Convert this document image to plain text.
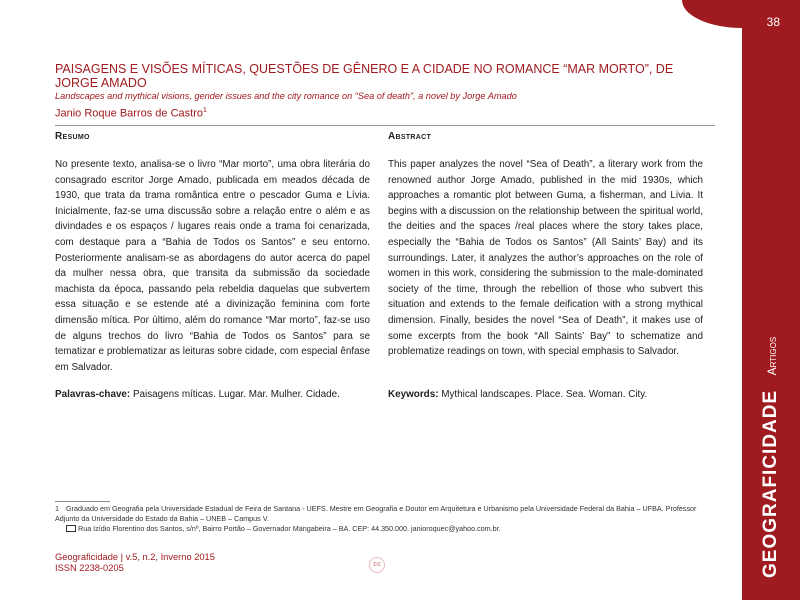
38
GEOGRAFICIDADE Artigos
PAISAGENS E VISÕES MÍTICAS, QUESTÕES DE GÊNERO E A CIDADE NO ROMANCE “MAR MORTO”, DE JORGE AMADO
Landscapes and mythical visions, gender issues and the city romance on “Sea of death”, a novel by Jorge Amado
Janio Roque Barros de Castro$^1$
Resumo

No presente texto, analisa-se o livro “Mar morto”, uma obra literária do consagrado escritor Jorge Amado, publicada em meados década de 1930, que trata da trama romântica entre o pescador Guma e Lívia. Inicialmente, faz-se uma discussão sobre a relação entre o além e as divindades e os espaços / lugares reais onde a trama foi cenarizada, com destaque para a “Bahia de Todos os Santos” e seu entorno. Posteriormente analisam-se as abordagens do autor acerca do papel da mulher nessa obra, que transita da submissão da sociedade machista da época, passando pela rebeldia daquelas que subvertem essa situação e se estende até a divinização feminina com forte dimensão mítica. Por último, além do romance “Mar morto”, faz-se uso de alguns trechos do livro “Bahia de Todos os Santos” para se tematizar e problematizar as leituras sobre cidade, com especial ênfase em Salvador.

Palavras-chave: Paisagens míticas. Lugar. Mar. Mulher. Cidade.
Abstract

This paper analyzes the novel “Sea of Death”, a literary work from the renowned author Jorge Amado, published in the mid 1930s, which approaches a romantic plot between Guma, a fisherman, and Livia. It begins with a discussion on the relationship between the spiritual world, the deities and the spaces /real places where the story takes place, especially the “Bahia de Todos os Santos” (All Saints’ Bay) and its surroundings. Later, it analyzes the author’s approaches on the role of women in this work, considering the submission to the male-dominated society of the time, through the rebellion of those who subvert this situation and extends to the female deification with a strong mythical dimension. Finally, besides the novel “Sea of Death”, it makes use of some excerpts from the book “All Saints’ Bay” to schematize and problematize readings on town, with special emphasis to Salvador.

Keywords: Mythical landscapes. Place. Sea. Woman. City.
1 Graduado em Geografia pela Universidade Estadual de Feira de Santana - UEFS. Mestre em Geografia e Doutor em Arquitetura e Urbanismo pela Universidade Federal da Bahia – UFBA. Professor Adjunto da Universidade do Estado da Bahia – UNEB – Campus V.
Rua Izídio Florentino dos Santos, s/nº, Bairro Portão – Governador Mangabeira – BA. CEP: 44.350.000. janioroquec@yahoo.com.br.
Geograficidade | v.5, n.2, Inverno 2015
ISSN 2238-0205	cc
